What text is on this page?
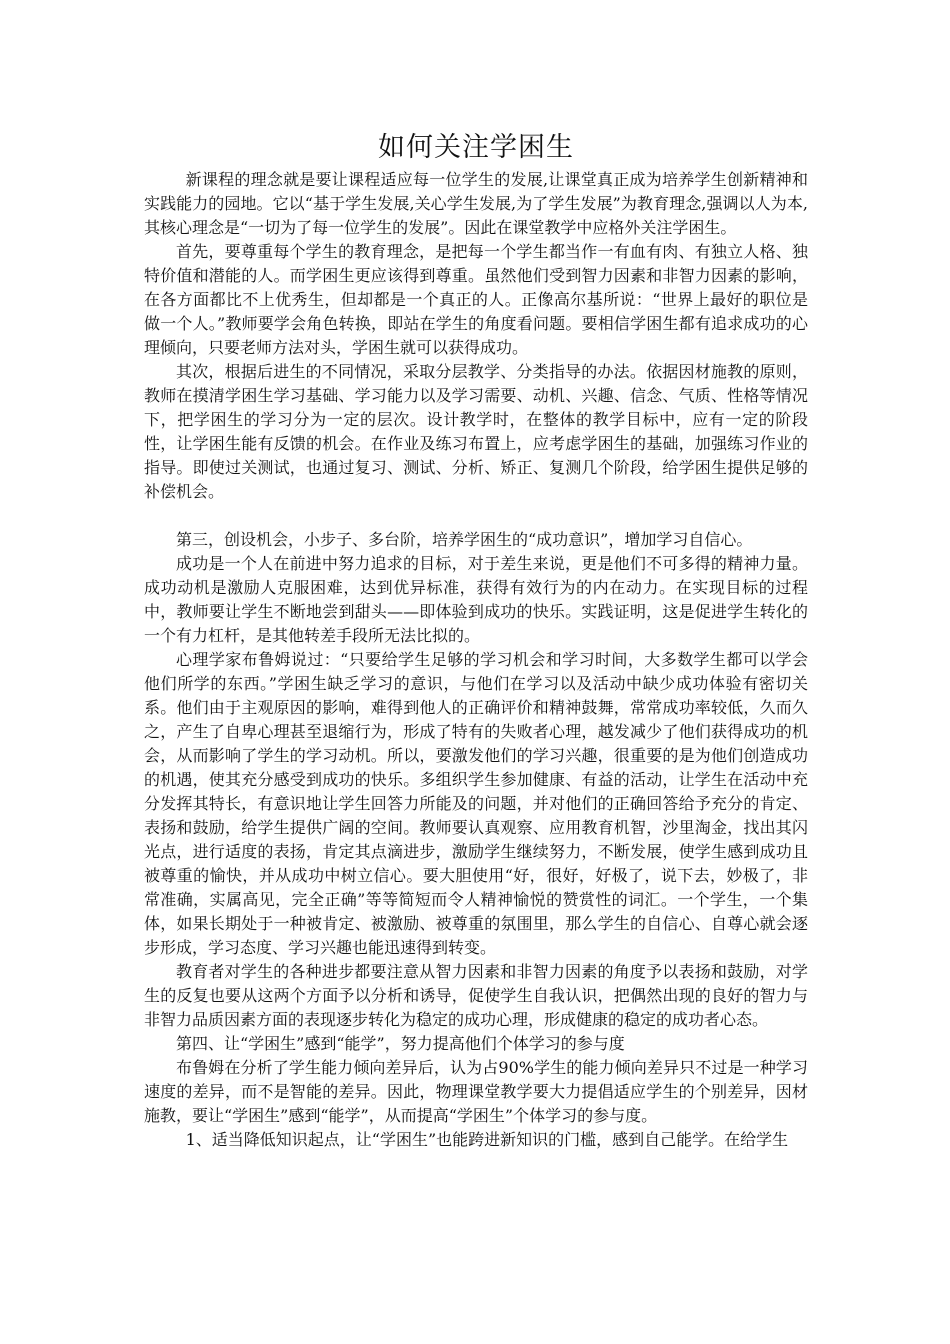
如何关注学困生

新课程的理念就是要让课程适应每一位学生的发展,让课堂真正成为培养学生创新精神和实践能力的园地。它以“基于学生发展,关心学生发展,为了学生发展”为教育理念,强调以人为本,其核心理念是“一切为了每一位学生的发展”。因此在课堂教学中应格外关注学困生。

首先，要尊重每个学生的教育理念，是把每一个学生都当作一有血有肉、有独立人格、独特价值和潜能的人。而学困生更应该得到尊重。虽然他们受到智力因素和非智力因素的影响，在各方面都比不上优秀生，但却都是一个真正的人。正像高尔基所说：“世界上最好的职位是做一个人。”教师要学会角色转换，即站在学生的角度看问题。要相信学困生都有追求成功的心理倾向，只要老师方法对头，学困生就可以获得成功。

其次，根据后进生的不同情况，采取分层教学、分类指导的办法。依据因材施教的原则，教师在摸清学困生学习基础、学习能力以及学习需要、动机、兴趣、信念、气质、性格等情况下，把学困生的学习分为一定的层次。设计教学时，在整体的教学目标中，应有一定的阶段性，让学困生能有反馈的机会。在作业及练习布置上，应考虑学困生的基础，加强练习作业的指导。即使过关测试，也通过复习、测试、分析、矫正、复测几个阶段，给学困生提供足够的补偿机会。

第三，创设机会，小步子、多台阶，培养学困生的“成功意识”，增加学习自信心。

成功是一个人在前进中努力追求的目标，对于差生来说，更是他们不可多得的精神力量。成功动机是激励人克服困难，达到优异标准，获得有效行为的内在动力。在实现目标的过程中，教师要让学生不断地尝到甜头——即体验到成功的快乐。实践证明，这是促进学生转化的一个有力杠杆，是其他转差手段所无法比拟的。

心理学家布鲁姆说过：“只要给学生足够的学习机会和学习时间，大多数学生都可以学会他们所学的东西。”学困生缺乏学习的意识，与他们在学习以及活动中缺少成功体验有密切关系。他们由于主观原因的影响，难得到他人的正确评价和精神鼓舞，常常成功率较低，久而久之，产生了自卑心理甚至退缩行为，形成了特有的失败者心理，越发减少了他们获得成功的机会，从而影响了学生的学习动机。所以，要激发他们的学习兴趣，很重要的是为他们创造成功的机遇，使其充分感受到成功的快乐。多组织学生参加健康、有益的活动，让学生在活动中充分发挥其特长，有意识地让学生回答力所能及的问题，并对他们的正确回答给予充分的肯定、表扬和鼓励，给学生提供广阔的空间。教师要认真观察、应用教育机智，沙里淘金，找出其闪光点，进行适度的表扬，肯定其点滴进步，激励学生继续努力，不断发展，使学生感到成功且被尊重的愉快，并从成功中树立信心。要大胆使用“好，很好，好极了，说下去，妙极了，非常准确，实属高见，完全正确”等等简短而令人精神愉悦的赞赏性的词汇。一个学生，一个集体，如果长期处于一种被肯定、被激励、被尊重的氛围里，那么学生的自信心、自尊心就会逐步形成，学习态度、学习兴趣也能迅速得到转变。

教育者对学生的各种进步都要注意从智力因素和非智力因素的角度予以表扬和鼓励，对学生的反复也要从这两个方面予以分析和诱导，促使学生自我认识，把偶然出现的良好的智力与非智力品质因素方面的表现逐步转化为稳定的成功心理，形成健康的稳定的成功者心态。

第四、让“学困生”感到“能学”，努力提高他们个体学习的参与度

布鲁姆在分析了学生能力倾向差异后，认为占90%学生的能力倾向差异只不过是一种学习速度的差异，而不是智能的差异。因此，物理课堂教学要大力提倡适应学生的个别差异，因材施教，要让“学困生”感到“能学”，从而提高“学困生”个体学习的参与度。

1、适当降低知识起点，让“学困生”也能跨进新知识的门槛，感到自己能学。在给学生
